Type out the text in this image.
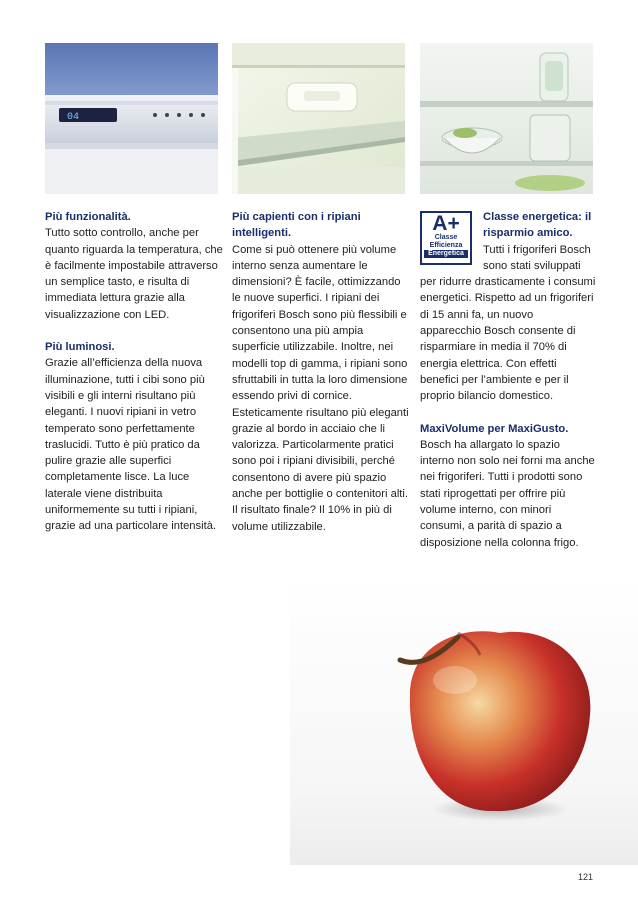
04
Più funzionalità.

Tutto sotto controllo, anche per quanto riguarda la temperatura, che è facilmente impostabile attraverso un semplice tasto, e risulta di immediata lettura grazie alla visualizzazione con LED.

Più luminosi.

Grazie all’efficienza della nuova illuminazione, tutti i cibi sono più visibili e gli interni risultano più eleganti. I nuovi ripiani in vetro temperato sono perfettamente traslucidi. Tutto è più pratico da pulire grazie alle superfici completamente lisce. La luce laterale viene distribuita uniformemente su tutti i ripiani, grazie ad una particolare intensità.

Più capienti con i ripiani intelligenti.

Come si può ottenere più volume interno senza aumentare le dimensioni? È facile, ottimizzando le nuove superfici. I ripiani dei frigoriferi Bosch sono più flessibili e consentono una più ampia superficie utilizzabile. Inoltre, nei modelli top di gamma, i ripiani sono sfruttabili in tutta la loro dimensione essendo privi di cornice. Esteticamente risultano più eleganti grazie al bordo in acciaio che li valorizza. Particolarmente pratici sono poi i ripiani divisibili, perché consentono di avere più spazio anche per bottiglie o contenitori alti. Il risultato finale? Il 10% in più di volume utilizzabile.

A+
Classe
Efficienza
Energetica
Classe energetica: il risparmio amico.

Tutti i frigoriferi Bosch sono stati sviluppati per ridurre drasticamente i consumi energetici. Rispetto ad un frigoriferi di 15 anni fa, un nuovo apparecchio Bosch consente di risparmiare in media il 70% di energia elettrica. Con effetti benefici per l’ambiente e per il proprio bilancio domestico.

MaxiVolume per MaxiGusto.

Bosch ha allargato lo spazio interno non solo nei forni ma anche nei frigoriferi. Tutti i prodotti sono stati riprogettati per offrire più volume interno, con minori consumi, a parità di spazio a disposizione nella colonna frigo.

121
